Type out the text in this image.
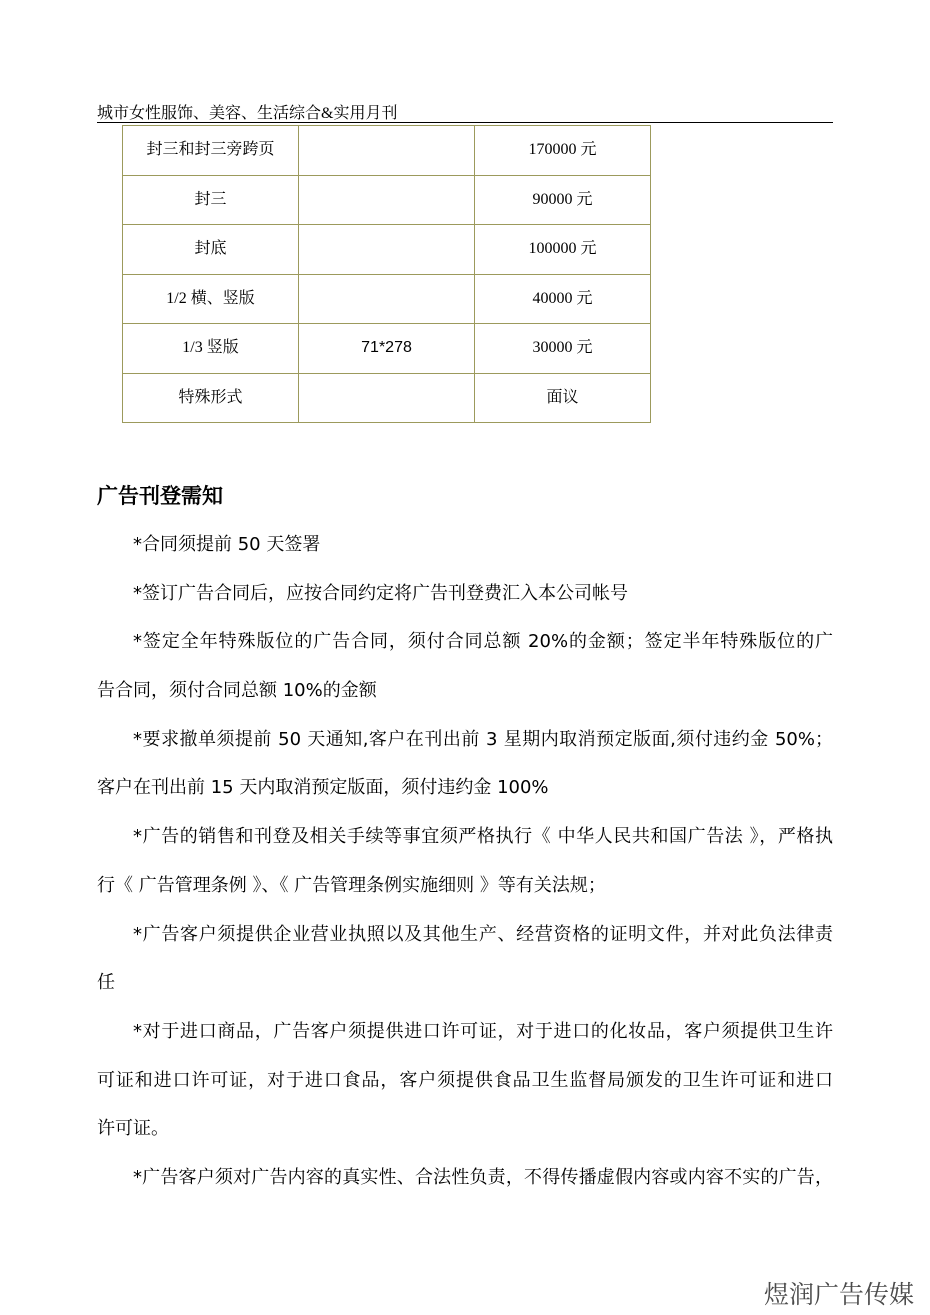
城市女性服饰、美容、生活综合&实用月刊
封三和封三旁跨页		170000 元
封三		90000 元
封底		100000 元
1/2 横、竖版		40000 元
1/3 竖版	71*278	30000 元
特殊形式		面议
广告刊登需知
*合同须提前 50 天签署
*签订广告合同后，应按合同约定将广告刊登费汇入本公司帐号
*签定全年特殊版位的广告合同，须付合同总额 20%的金额；签定半年特殊版位的广
告合同，须付合同总额 10%的金额
*要求撤单须提前 50 天通知,客户在刊出前 3 星期内取消预定版面,须付违约金 50%；
客户在刊出前 15 天内取消预定版面，须付违约金 100%
*广告的销售和刊登及相关手续等事宜须严格执行《 中华人民共和国广告法 》，严格执
行《 广告管理条例 》、《 广告管理条例实施细则 》等有关法规；
*广告客户须提供企业营业执照以及其他生产、经营资格的证明文件，并对此负法律责
任
*对于进口商品，广告客户须提供进口许可证，对于进口的化妆品，客户须提供卫生许
可证和进口许可证，对于进口食品，客户须提供食品卫生监督局颁发的卫生许可证和进口
许可证。
*广告客户须对广告内容的真实性、合法性负责，不得传播虚假内容或内容不实的广告，
煜润广告传媒
